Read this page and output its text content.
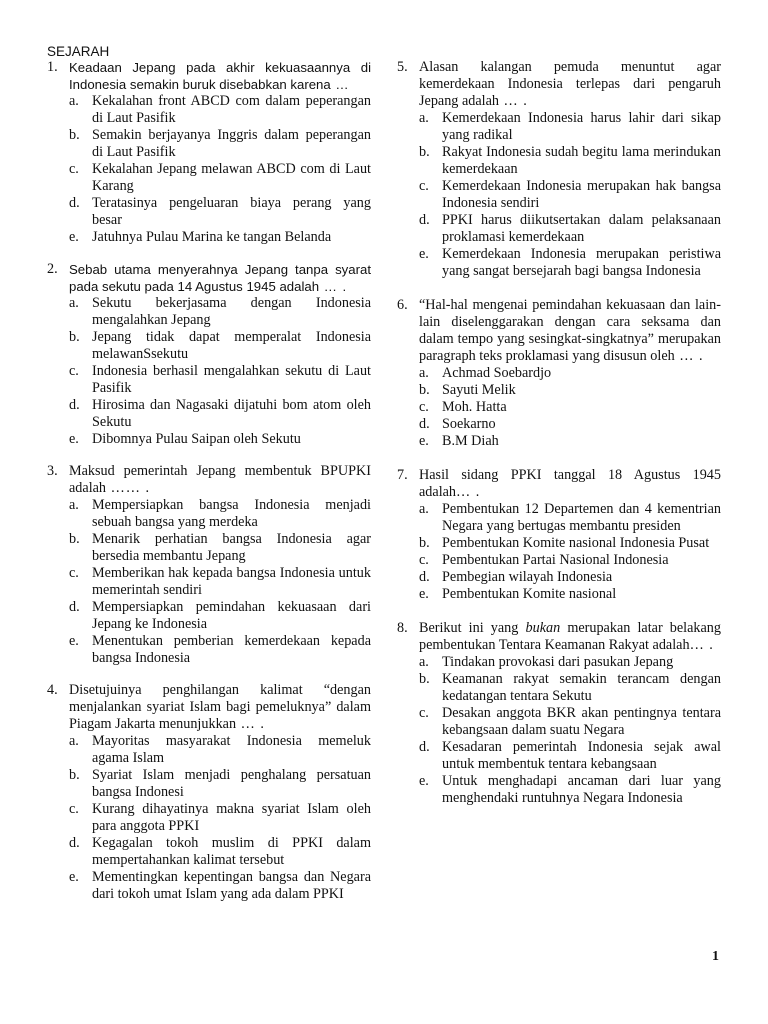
SEJARAH
1. Keadaan Jepang pada akhir kekuasaannya di Indonesia semakin buruk disebabkan karena …
a. Kekalahan front ABCD com dalam peperangan di Laut Pasifik
b. Semakin berjayanya Inggris dalam peperangan di Laut Pasifik
c. Kekalahan Jepang melawan ABCD com di Laut Karang
d. Teratasinya pengeluaran biaya perang yang besar
e. Jatuhnya Pulau Marina ke tangan Belanda
2. Sebab utama menyerahnya Jepang tanpa syarat pada sekutu pada 14 Agustus 1945 adalah … .
a. Sekutu bekerjasama dengan Indonesia mengalahkan Jepang
b. Jepang tidak dapat memperalat Indonesia melawanSsekutu
c. Indonesia berhasil mengalahkan sekutu di Laut Pasifik
d. Hirosima dan Nagasaki dijatuhi bom atom oleh Sekutu
e. Dibomnya Pulau Saipan oleh Sekutu
3. Maksud pemerintah Jepang membentuk BPUPKI adalah …… .
a. Mempersiapkan bangsa Indonesia menjadi sebuah bangsa yang merdeka
b. Menarik perhatian bangsa Indonesia agar bersedia membantu Jepang
c. Memberikan hak kepada bangsa Indonesia untuk memerintah sendiri
d. Mempersiapkan pemindahan kekuasaan dari Jepang ke Indonesia
e. Menentukan pemberian kemerdekaan kepada bangsa Indonesia
4. Disetujuinya penghilangan kalimat “dengan menjalankan syariat Islam bagi pemeluknya” dalam Piagam Jakarta menunjukkan … .
a. Mayoritas masyarakat Indonesia memeluk agama Islam
b. Syariat Islam menjadi penghalang persatuan bangsa Indonesi
c. Kurang dihayatinya makna syariat Islam oleh para anggota PPKI
d. Kegagalan tokoh muslim di PPKI dalam mempertahankan kalimat tersebut
e. Mementingkan kepentingan bangsa dan Negara dari tokoh umat Islam yang ada dalam PPKI
5. Alasan kalangan pemuda menuntut agar kemerdekaan Indonesia terlepas dari pengaruh Jepang adalah … .
a. Kemerdekaan Indonesia harus lahir dari sikap yang radikal
b. Rakyat Indonesia sudah begitu lama merindukan kemerdekaan
c. Kemerdekaan Indonesia merupakan hak bangsa Indonesia sendiri
d. PPKI harus diikutsertakan dalam pelaksanaan proklamasi kemerdekaan
e. Kemerdekaan Indonesia merupakan peristiwa yang sangat bersejarah bagi bangsa Indonesia
6. “Hal-hal mengenai pemindahan kekuasaan dan lain-lain diselenggarakan dengan cara seksama dan dalam tempo yang sesingkat-singkatnya” merupakan paragraph teks proklamasi yang disusun oleh … .
a. Achmad Soebardjo
b. Sayuti Melik
c. Moh. Hatta
d. Soekarno
e. B.M Diah
7. Hasil sidang PPKI tanggal 18 Agustus 1945 adalah… .
a. Pembentukan 12 Departemen dan 4 kementrian Negara yang bertugas membantu presiden
b. Pembentukan Komite nasional Indonesia Pusat
c. Pembentukan Partai Nasional Indonesia
d. Pembegian wilayah Indonesia
e. Pembentukan Komite nasional
8. Berikut ini yang bukan merupakan latar belakang pembentukan Tentara Keamanan Rakyat adalah… .
a. Tindakan provokasi dari pasukan Jepang
b. Keamanan rakyat semakin terancam dengan kedatangan tentara Sekutu
c. Desakan anggota BKR akan pentingnya tentara kebangsaan dalam suatu Negara
d. Kesadaran pemerintah Indonesia sejak awal untuk membentuk tentara kebangsaan
e. Untuk menghadapi ancaman dari luar yang menghendaki runtuhnya Negara Indonesia
1
